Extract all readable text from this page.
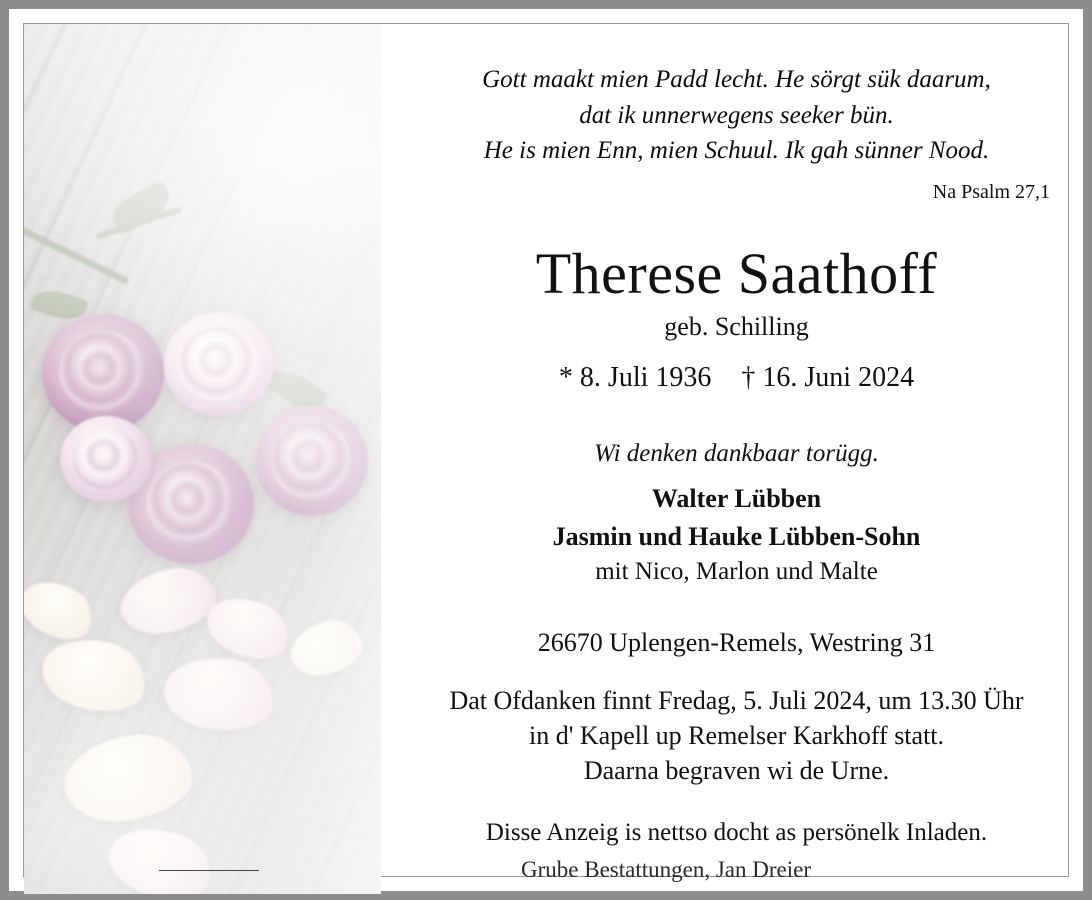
Gott maakt mien Padd lecht. He sörgt sük daarum,
dat ik unnerwegens seeker bün.
He is mien Enn, mien Schuul. Ik gah sünner Nood.
Na Psalm 27,1
Therese Saathoff
geb. Schilling
* 8. Juli 1936 † 16. Juni 2024
Wi denken dankbaar torügg.
Walter Lübben
Jasmin und Hauke Lübben-Sohn
mit Nico, Marlon und Malte
26670 Uplengen-Remels, Westring 31
Dat Ofdanken finnt Fredag, 5. Juli 2024, um 13.30 Ühr
in d' Kapell up Remelser Karkhoff statt.
Daarna begraven wi de Urne.
Disse Anzeig is nettso docht as persönelk Inladen.
Grube Bestattungen, Jan Dreier
